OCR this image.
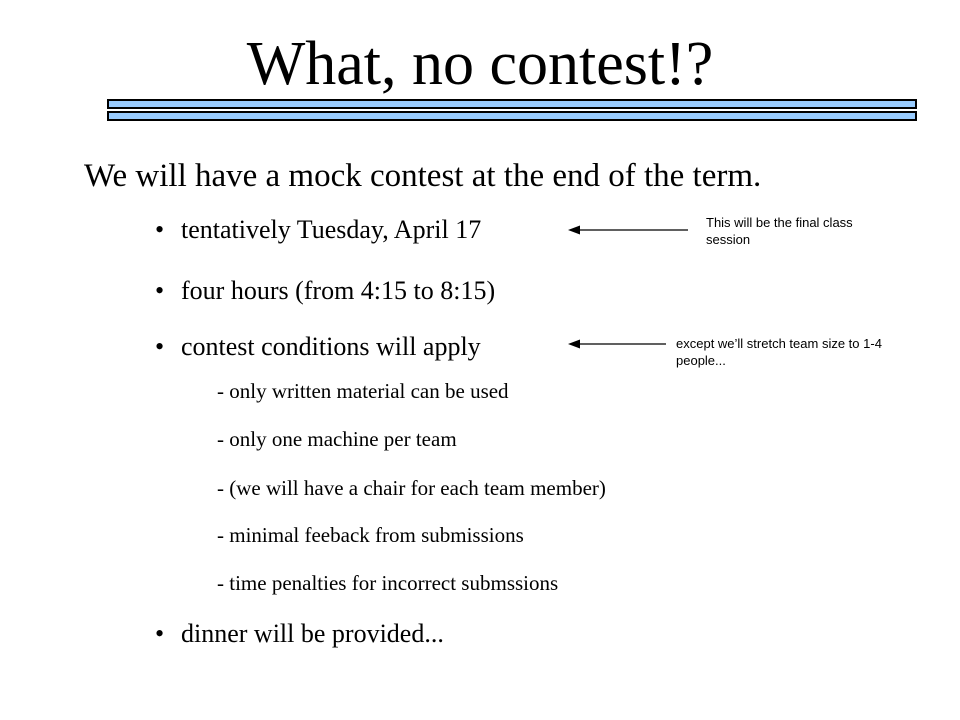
What, no contest!?
We will have a mock contest at the end of the term.
• tentatively Tuesday, April 17
• four hours (from 4:15 to 8:15)
• contest conditions will apply
- only written material can be used
- only one machine per team
- (we will have a chair for each team member)
- minimal feeback from submissions
- time penalties for incorrect submssions
• dinner will be provided...
This will be the final class session
except we’ll stretch team size to 1-4 people...
